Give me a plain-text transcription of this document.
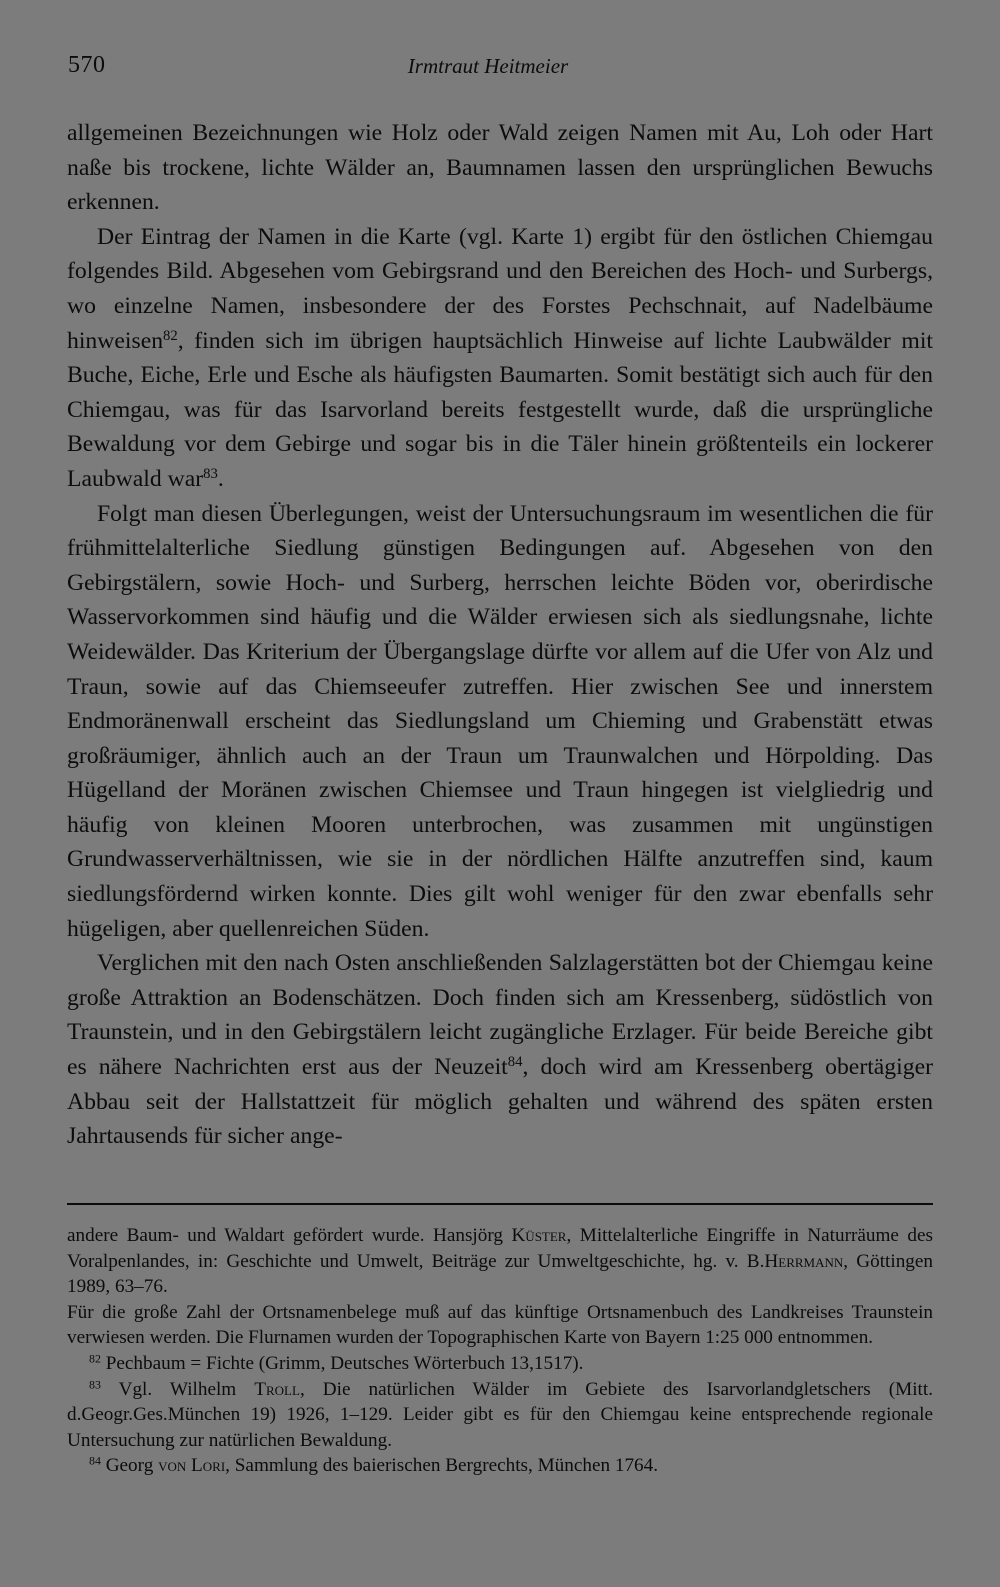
570	Irmtraut Heitmeier

allgemeinen Bezeichnungen wie Holz oder Wald zeigen Namen mit Au, Loh oder Hart naße bis trockene, lichte Wälder an, Baumnamen lassen den ursprünglichen Bewuchs erkennen.

Der Eintrag der Namen in die Karte (vgl. Karte 1) ergibt für den östlichen Chiemgau folgendes Bild. Abgesehen vom Gebirgsrand und den Bereichen des Hoch- und Surbergs, wo einzelne Namen, insbesondere der des Forstes Pechschnait, auf Nadelbäume hinweisen$^{82}$, finden sich im übrigen hauptsächlich Hinweise auf lichte Laubwälder mit Buche, Eiche, Erle und Esche als häufigsten Baumarten. Somit bestätigt sich auch für den Chiemgau, was für das Isarvorland bereits festgestellt wurde, daß die ursprüngliche Bewaldung vor dem Gebirge und sogar bis in die Täler hinein größtenteils ein lockerer Laubwald war$^{83}$.

Folgt man diesen Überlegungen, weist der Untersuchungsraum im wesentlichen die für frühmittelalterliche Siedlung günstigen Bedingungen auf. Abgesehen von den Gebirgstälern, sowie Hoch- und Surberg, herrschen leichte Böden vor, oberirdische Wasservorkommen sind häufig und die Wälder erwiesen sich als siedlungsnahe, lichte Weidewälder. Das Kriterium der Übergangslage dürfte vor allem auf die Ufer von Alz und Traun, sowie auf das Chiemseeufer zutreffen. Hier zwischen See und innerstem Endmoränenwall erscheint das Siedlungsland um Chieming und Grabenstätt etwas großräumiger, ähnlich auch an der Traun um Traunwalchen und Hörpolding. Das Hügelland der Moränen zwischen Chiemsee und Traun hingegen ist vielgliedrig und häufig von kleinen Mooren unterbrochen, was zusammen mit ungünstigen Grundwasserverhältnissen, wie sie in der nördlichen Hälfte anzutreffen sind, kaum siedlungsfördernd wirken konnte. Dies gilt wohl weniger für den zwar ebenfalls sehr hügeligen, aber quellenreichen Süden.

Verglichen mit den nach Osten anschließenden Salzlagerstätten bot der Chiemgau keine große Attraktion an Bodenschätzen. Doch finden sich am Kressenberg, südöstlich von Traunstein, und in den Gebirgstälern leicht zugängliche Erzlager. Für beide Bereiche gibt es nähere Nachrichten erst aus der Neuzeit$^{84}$, doch wird am Kressenberg obertägiger Abbau seit der Hallstattzeit für möglich gehalten und während des späten ersten Jahrtausends für sicher ange-

andere Baum- und Waldart gefördert wurde. Hansjörg Küster, Mittelalterliche Eingriffe in Naturräume des Voralpenlandes, in: Geschichte und Umwelt, Beiträge zur Umweltgeschichte, hg. v. B.Herrmann, Göttingen 1989, 63–76.

Für die große Zahl der Ortsnamenbelege muß auf das künftige Ortsnamenbuch des Landkreises Traunstein verwiesen werden. Die Flurnamen wurden der Topographischen Karte von Bayern 1:25 000 entnommen.

$^{82}$ Pechbaum = Fichte (Grimm, Deutsches Wörterbuch 13,1517).

$^{83}$ Vgl. Wilhelm Troll, Die natürlichen Wälder im Gebiete des Isarvorlandgletschers (Mitt. d.Geogr.Ges.München 19) 1926, 1–129. Leider gibt es für den Chiemgau keine entsprechende regionale Untersuchung zur natürlichen Bewaldung.

$^{84}$ Georg von Lori, Sammlung des baierischen Bergrechts, München 1764.
